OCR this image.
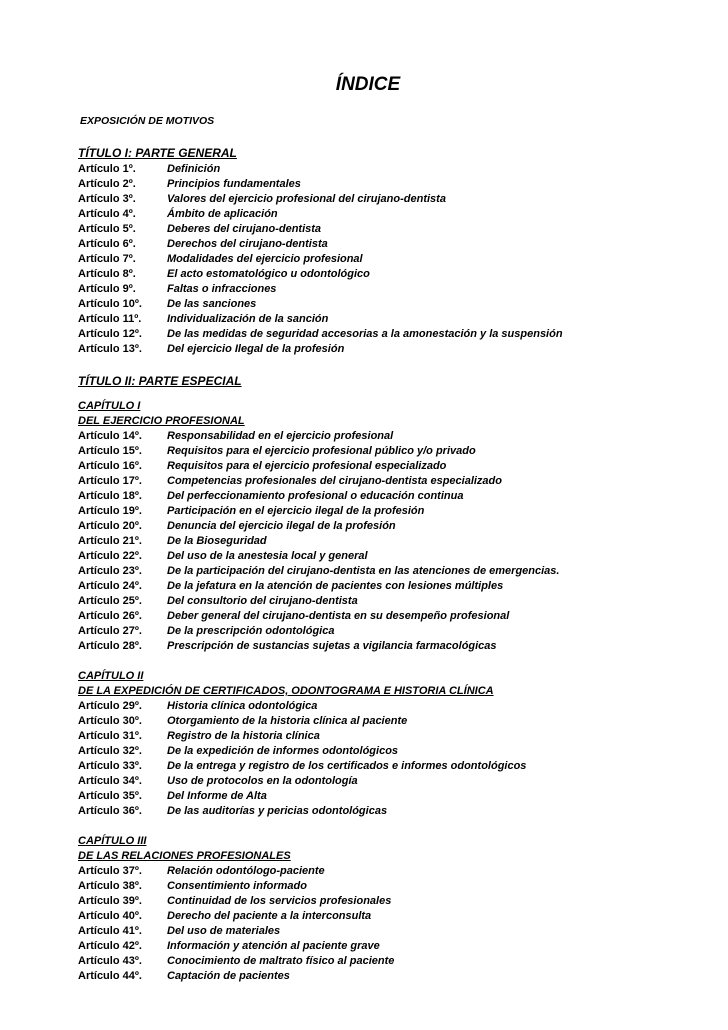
ÍNDICE
EXPOSICIÓN DE MOTIVOS
TÍTULO I: PARTE GENERAL
Artículo 1º.	Definición
Artículo 2º.	Principios fundamentales
Artículo 3º.	Valores del ejercicio profesional del cirujano-dentista
Artículo 4º.	Ámbito de aplicación
Artículo 5º.	Deberes del cirujano-dentista
Artículo 6º.	Derechos del cirujano-dentista
Artículo 7º.	Modalidades del ejercicio profesional
Artículo 8º.	El acto estomatológico u odontológico
Artículo 9º.	Faltas o infracciones
Artículo 10º.	De las sanciones
Artículo 11º.	Individualización de la sanción
Artículo 12º.	De las medidas de seguridad accesorias a la amonestación y la suspensión
Artículo 13º.	Del ejercicio Ilegal de la profesión
TÍTULO II: PARTE ESPECIAL
CAPÍTULO I
DEL EJERCICIO PROFESIONAL
Artículo 14º.	Responsabilidad en el ejercicio profesional
Artículo 15º.	Requisitos para el ejercicio profesional público y/o privado
Artículo 16º.	Requisitos para el ejercicio profesional especializado
Artículo 17º.	Competencias profesionales del cirujano-dentista especializado
Artículo 18º.	Del perfeccionamiento profesional o educación continua
Artículo 19º.	Participación en el ejercicio ilegal de la profesión
Artículo 20º.	Denuncia del ejercicio ilegal de la profesión
Artículo 21º.	De la Bioseguridad
Artículo 22º.	Del uso de la anestesia local y general
Artículo 23º.	De la participación del cirujano-dentista en las atenciones de emergencias.
Artículo 24º.	De la jefatura en la atención de pacientes con lesiones múltiples
Artículo 25º.	Del consultorio del cirujano-dentista
Artículo 26º.	Deber general del cirujano-dentista en su desempeño profesional
Artículo 27º.	De la prescripción odontológica
Artículo 28º.	Prescripción de sustancias sujetas a vigilancia farmacológicas
CAPÍTULO II
DE LA EXPEDICIÓN DE CERTIFICADOS, ODONTOGRAMA E HISTORIA CLÍNICA
Artículo 29º.	Historia clínica odontológica
Artículo 30º.	Otorgamiento de la historia clínica al paciente
Artículo 31º.	Registro de la historia clínica
Artículo 32º.	De la expedición de informes odontológicos
Artículo 33º.	De la entrega y registro de los certificados e informes odontológicos
Artículo 34º.	Uso de protocolos en la odontología
Artículo 35º.	Del Informe de Alta
Artículo 36º.	De las auditorías y pericias odontológicas
CAPÍTULO III
DE LAS RELACIONES PROFESIONALES
Artículo 37º.	Relación odontólogo-paciente
Artículo 38º.	Consentimiento informado
Artículo 39º.	Continuidad de los servicios profesionales
Artículo 40º.	Derecho del paciente a la interconsulta
Artículo 41º.	Del uso de materiales
Artículo 42º.	Información y atención al paciente grave
Artículo 43º.	Conocimiento de maltrato físico al paciente
Artículo 44º.	Captación de pacientes
